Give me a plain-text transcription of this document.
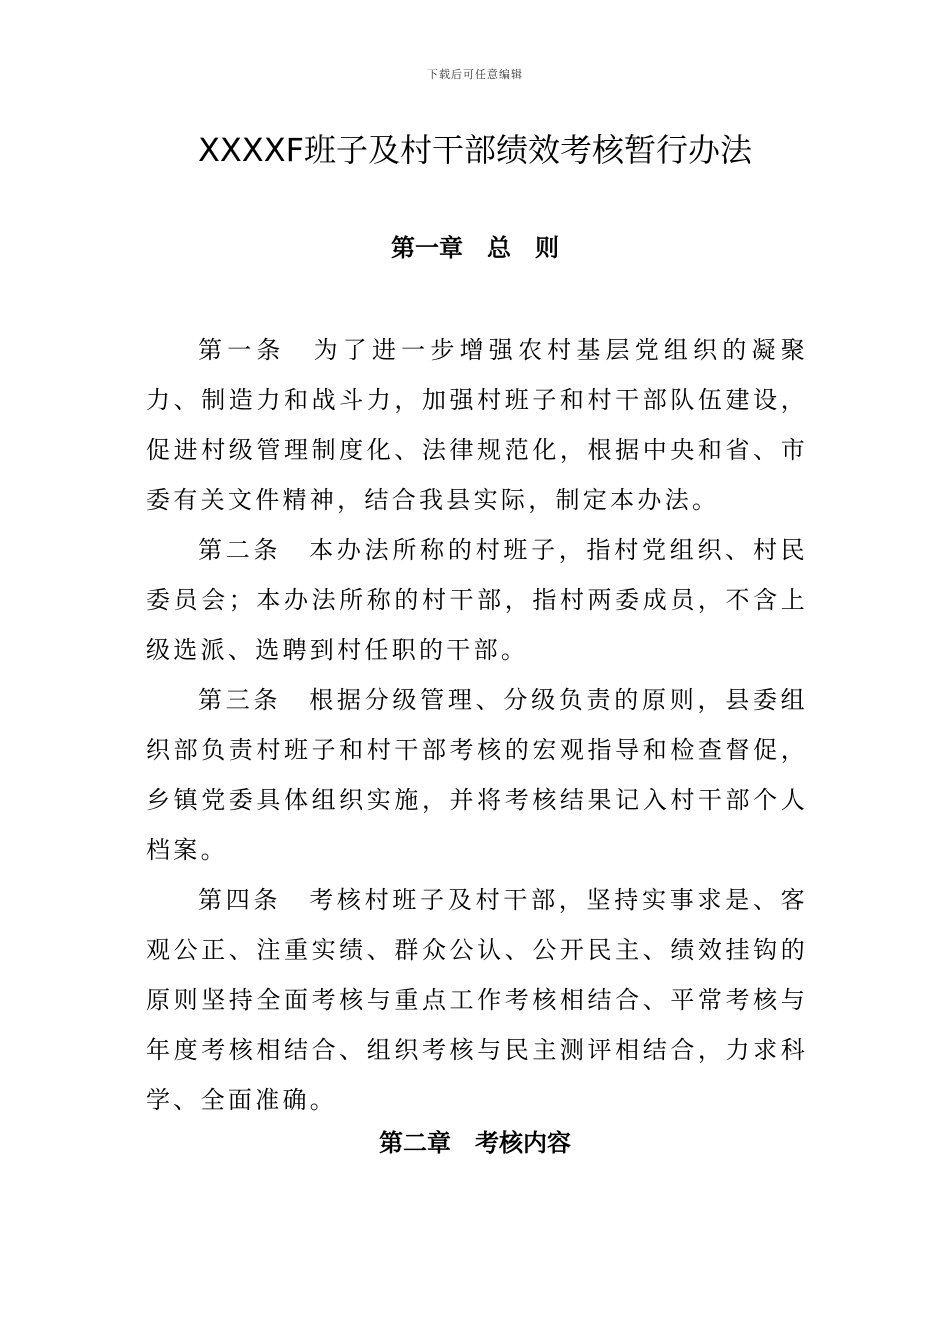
下载后可任意编辑
XXXXF班子及村干部绩效考核暂行办法
第一章　总　则

第一条 为了进一步增强农村基层党组织的凝聚力、制造力和战斗力，加强村班子和村干部队伍建设，促进村级管理制度化、法律规范化，根据中央和省、市委有关文件精神，结合我县实际，制定本办法。

第二条 本办法所称的村班子，指村党组织、村民委员会；本办法所称的村干部，指村两委成员，不含上级选派、选聘到村任职的干部。

第三条 根据分级管理、分级负责的原则，县委组织部负责村班子和村干部考核的宏观指导和检查督促，乡镇党委具体组织实施，并将考核结果记入村干部个人档案。

第四条 考核村班子及村干部，坚持实事求是、客观公正、注重实绩、群众公认、公开民主、绩效挂钩的原则坚持全面考核与重点工作考核相结合、平常考核与年度考核相结合、组织考核与民主测评相结合，力求科学、全面准确。

第二章　考核内容
